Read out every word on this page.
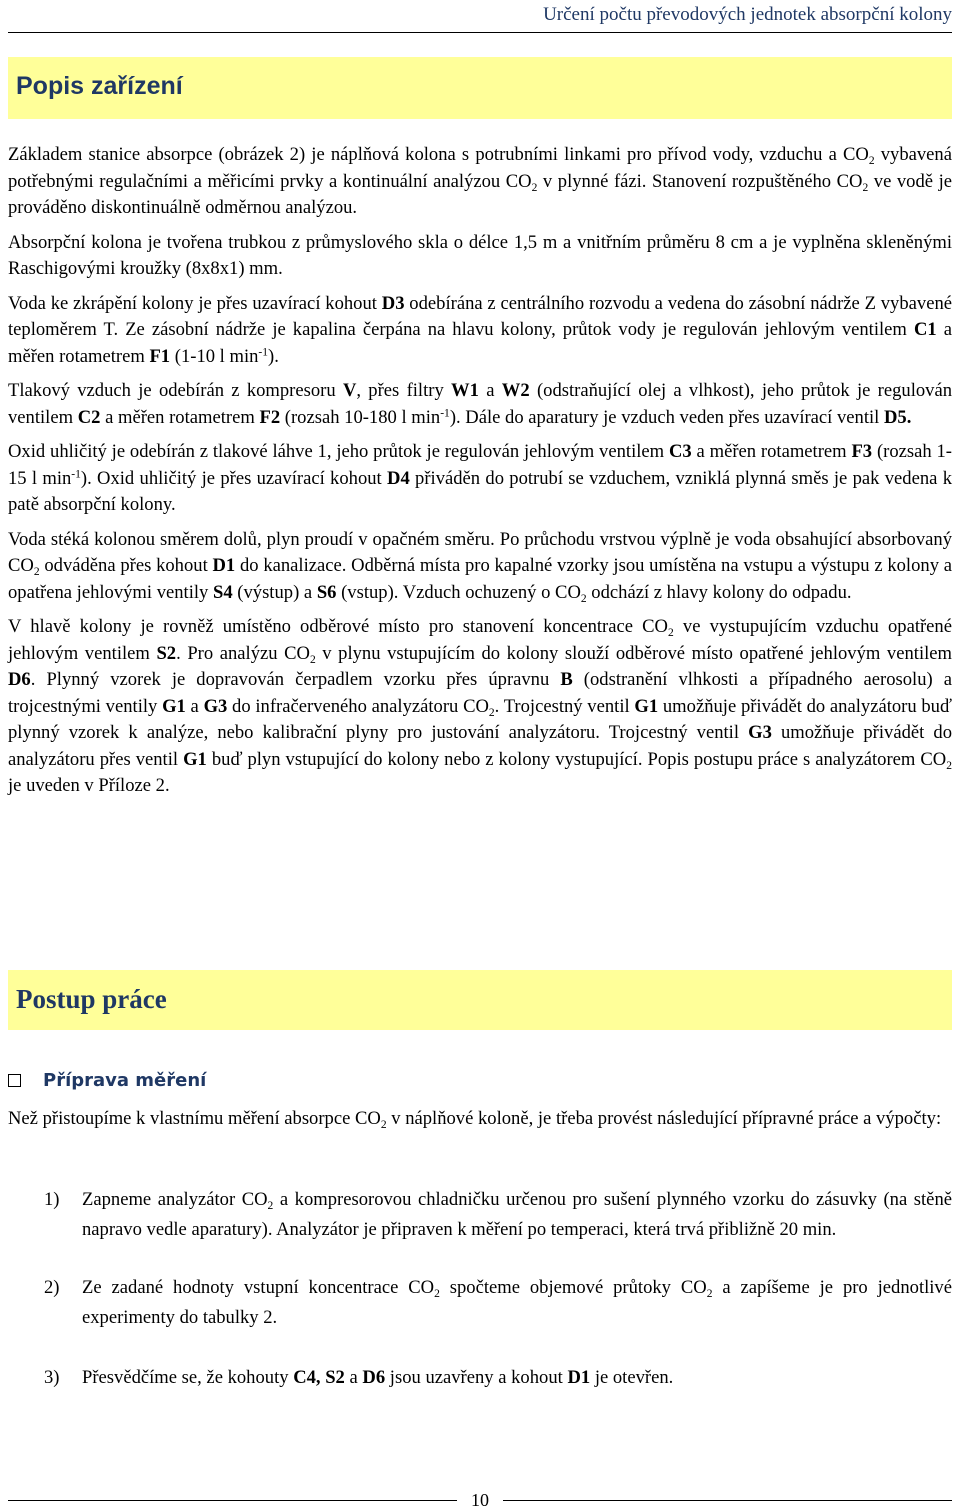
Určení počtu převodových jednotek absorpční kolony
Popis zařízení

Základem stanice absorpce (obrázek 2) je náplňová kolona s potrubními linkami pro přívod vody, vzduchu a $CO_2$ vybavená potřebnými regulačními a měřicími prvky a kontinuální analýzou $CO_2$ v plynné fázi. Stanovení rozpuštěného $CO_2$ ve vodě je prováděno diskontinuálně odměrnou analýzou.

Absorpční kolona je tvořena trubkou z průmyslového skla o délce 1,5 m a vnitřním průměru 8 cm a je vyplněna skleněnými Raschigovými kroužky (8x8x1) mm.

Voda ke zkrápění kolony je přes uzavírací kohout D3 odebírána z centrálního rozvodu a vedena do zásobní nádrže Z vybavené teploměrem T. Ze zásobní nádrže je kapalina čerpána na hlavu kolony, průtok vody je regulován jehlovým ventilem C1 a měřen rotametrem F1 (1-10 l $\min^{-1}$).

Tlakový vzduch je odebírán z kompresoru V, přes filtry W1 a W2 (odstraňující olej a vlhkost), jeho průtok je regulován ventilem C2 a měřen rotametrem F2 (rozsah 10-180 l $\min^{-1}$). Dále do aparatury je vzduch veden přes uzavírací ventil D5.

Oxid uhličitý je odebírán z tlakové láhve 1, jeho průtok je regulován jehlovým ventilem C3 a měřen rotametrem F3 (rozsah 1-15 l $\min^{-1}$). Oxid uhličitý je přes uzavírací kohout D4 přiváděn do potrubí se vzduchem, vzniklá plynná směs je pak vedena k patě absorpční kolony.

Voda stéká kolonou směrem dolů, plyn proudí v opačném směru. Po průchodu vrstvou výplně je voda obsahující absorbovaný $CO_2$ odváděna přes kohout D1 do kanalizace. Odběrná místa pro kapalné vzorky jsou umístěna na vstupu a výstupu z kolony a opatřena jehlovými ventily S4 (výstup) a S6 (vstup). Vzduch ochuzený o $CO_2$ odchází z hlavy kolony do odpadu.

V hlavě kolony je rovněž umístěno odběrové místo pro stanovení koncentrace $CO_2$ ve vystupujícím vzduchu opatřené jehlovým ventilem S2. Pro analýzu $CO_2$ v plynu vstupujícím do kolony slouží odběrové místo opatřené jehlovým ventilem D6. Plynný vzorek je dopravován čerpadlem vzorku přes úpravnu B (odstranění vlhkosti a případného aerosolu) a trojcestnými ventily G1 a G3 do infračerveného analyzátoru $CO_2$. Trojcestný ventil G1 umožňuje přivádět do analyzátoru buď plynný vzorek k analýze, nebo kalibrační plyny pro justování analyzátoru. Trojcestný ventil G3 umožňuje přivádět do analyzátoru přes ventil G1 buď plyn vstupující do kolony nebo z kolony vystupující. Popis postupu práce s analyzátorem $CO_2$ je uveden v Příloze 2.

Postup práce
Příprava měření
Než přistoupíme k vlastnímu měření absorpce $CO_2$ v náplňové koloně, je třeba provést následující přípravné práce a výpočty:
1) Zapneme analyzátor $CO_2$ a kompresorovou chladničku určenou pro sušení plynného vzorku do zásuvky (na stěně napravo vedle aparatury). Analyzátor je připraven k měření po temperaci, která trvá přibližně 20 min.
2) Ze zadané hodnoty vstupní koncentrace $CO_2$ spočteme objemové průtoky $CO_2$ a zapíšeme je pro jednotlivé experimenty do tabulky 2.
3) Přesvědčíme se, že kohouty C4, S2 a D6 jsou uzavřeny a kohout D1 je otevřen.
10
